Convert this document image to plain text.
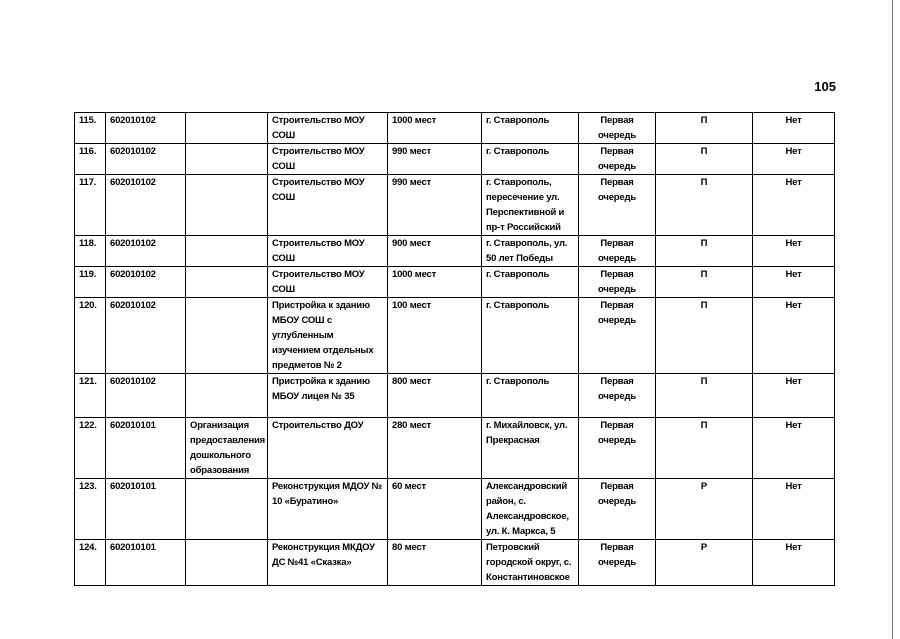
105
115.	602010102		Строительство МОУ СОШ	1000 мест	г. Ставрополь	Первая очередь	П	Нет
116.	602010102		Строительство МОУ СОШ	990 мест	г. Ставрополь	Первая очередь	П	Нет
117.	602010102		Строительство МОУ СОШ	990 мест	г. Ставрополь, пересечение ул. Перспективной и пр-т Российский	Первая очередь	П	Нет
118.	602010102		Строительство МОУ СОШ	900 мест	г. Ставрополь, ул. 50 лет Победы	Первая очередь	П	Нет
119.	602010102		Строительство МОУ СОШ	1000 мест	г. Ставрополь	Первая очередь	П	Нет
120.	602010102		Пристройка к зданию МБОУ СОШ с углубленным изучением отдельных предметов № 2	100 мест	г. Ставрополь	Первая очередь	П	Нет
121.	602010102		Пристройка к зданию МБОУ лицея № 35	800 мест	г. Ставрополь	Первая очередь	П	Нет
122.	602010101	Организация предоставления дошкольного образования	Строительство ДОУ	280 мест	г. Михайловск, ул. Прекрасная	Первая очередь	П	Нет
123.	602010101		Реконструкция МДОУ № 10 «Буратино»	60 мест	Александровский район, с. Александровское, ул. К. Маркса, 5	Первая очередь	Р	Нет
124.	602010101		Реконструкция МКДОУ ДС №41 «Сказка»	80 мест	Петровский городской округ, с. Константиновское	Первая очередь	Р	Нет
